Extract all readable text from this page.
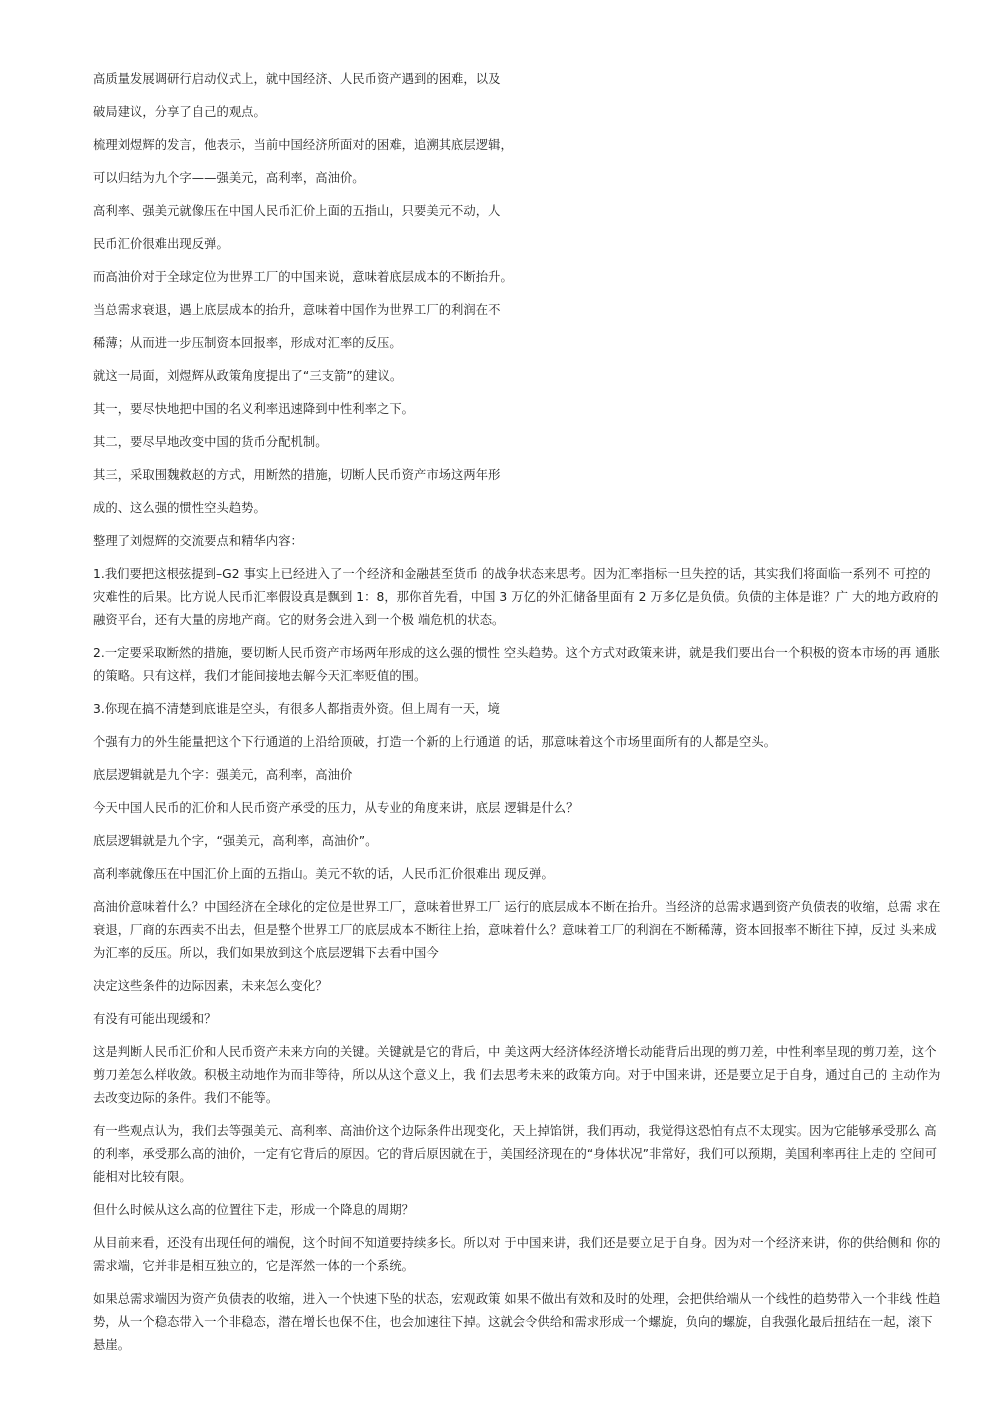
高质量发展调研行启动仪式上，就中国经济、人民币资产遇到的困难，以及

破局建议，分享了自己的观点。

梳理刘煜辉的发言，他表示，当前中国经济所面对的困难，追溯其底层逻辑，

可以归结为九个字——强美元，高利率，高油价。

高利率、强美元就像压在中国人民币汇价上面的五指山，只要美元不动，人

民币汇价很难出现反弹。

而高油价对于全球定位为世界工厂的中国来说，意味着底层成本的不断抬升。

当总需求衰退，遇上底层成本的抬升，意味着中国作为世界工厂的利润在不

稀薄；从而进一步压制资本回报率，形成对汇率的反压。

就这一局面，刘煜辉从政策角度提出了“三支箭”的建议。

其一，要尽快地把中国的名义利率迅速降到中性利率之下。

其二，要尽早地改变中国的货币分配机制。

其三，采取围魏救赵的方式，用断然的措施，切断人民币资产市场这两年形

成的、这么强的惯性空头趋势。

整理了刘煜辉的交流要点和精华内容：

1.我们要把这根弦提到–G2 事实上已经进入了一个经济和金融甚至货币 的战争状态来思考。因为汇率指标一旦失控的话，其实我们将面临一系列不 可控的灾难性的后果。比方说人民币汇率假设真是飘到 1：8，那你首先看，中国 3 万亿的外汇储备里面有 2 万多亿是负债。负债的主体是谁？广 大的地方政府的融资平台，还有大量的房地产商。它的财务会进入到一个极 端危机的状态。

2.一定要采取断然的措施，要切断人民币资产市场两年形成的这么强的惯性 空头趋势。这个方式对政策来讲，就是我们要出台一个积极的资本市场的再 通胀的策略。只有这样，我们才能间接地去解今天汇率贬值的围。

3.你现在搞不清楚到底谁是空头，有很多人都指责外资。但上周有一天，境

个强有力的外生能量把这个下行通道的上沿给顶破，打造一个新的上行通道 的话，那意味着这个市场里面所有的人都是空头。

底层逻辑就是九个字：强美元，高利率，高油价

今天中国人民币的汇价和人民币资产承受的压力，从专业的角度来讲，底层 逻辑是什么？

底层逻辑就是九个字，“强美元，高利率，高油价”。

高利率就像压在中国汇价上面的五指山。美元不软的话，人民币汇价很难出 现反弹。

高油价意味着什么？中国经济在全球化的定位是世界工厂，意味着世界工厂 运行的底层成本不断在抬升。当经济的总需求遇到资产负债表的收缩，总需 求在衰退，厂商的东西卖不出去，但是整个世界工厂的底层成本不断往上抬，意味着什么？意味着工厂的利润在不断稀薄，资本回报率不断往下掉，反过 头来成为汇率的反压。所以，我们如果放到这个底层逻辑下去看中国今

决定这些条件的边际因素，未来怎么变化？

有没有可能出现缓和？

这是判断人民币汇价和人民币资产未来方向的关键。关键就是它的背后，中 美这两大经济体经济增长动能背后出现的剪刀差，中性利率呈现的剪刀差，这个剪刀差怎么样收敛。积极主动地作为而非等待，所以从这个意义上，我 们去思考未来的政策方向。对于中国来讲，还是要立足于自身，通过自己的 主动作为去改变边际的条件。我们不能等。

有一些观点认为，我们去等强美元、高利率、高油价这个边际条件出现变化，天上掉馅饼，我们再动，我觉得这恐怕有点不太现实。因为它能够承受那么 高的利率，承受那么高的油价，一定有它背后的原因。它的背后原因就在于，美国经济现在的“身体状况”非常好，我们可以预期，美国利率再往上走的 空间可能相对比较有限。

但什么时候从这么高的位置往下走，形成一个降息的周期？

从目前来看，还没有出现任何的端倪，这个时间不知道要持续多长。所以对 于中国来讲，我们还是要立足于自身。因为对一个经济来讲，你的供给侧和 你的需求端，它并非是相互独立的，它是浑然一体的一个系统。

如果总需求端因为资产负债表的收缩，进入一个快速下坠的状态，宏观政策 如果不做出有效和及时的处理，会把供给端从一个线性的趋势带入一个非线 性趋势，从一个稳态带入一个非稳态，潜在增长也保不住，也会加速往下掉。这就会令供给和需求形成一个螺旋，负向的螺旋，自我强化最后扭结在一起，滚下悬崖。
